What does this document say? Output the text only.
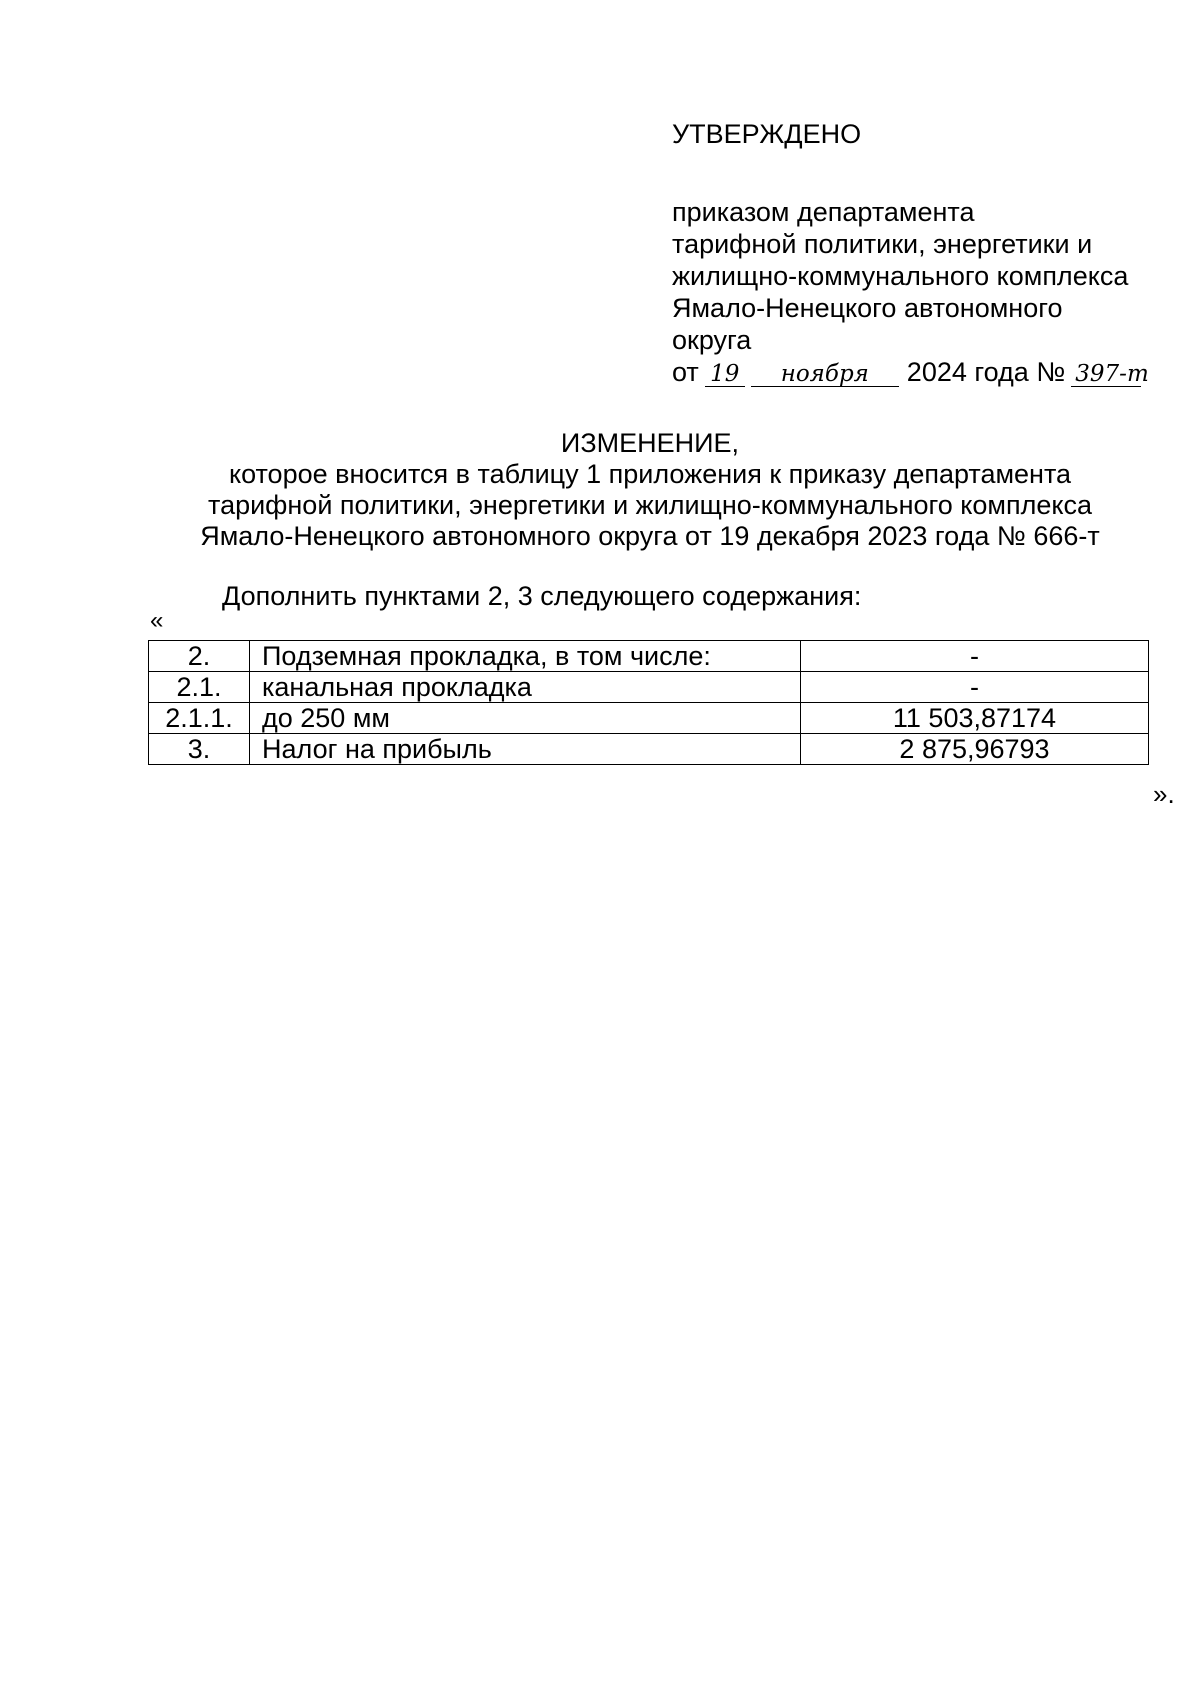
УТВЕРЖДЕНО
приказом департамента
тарифной политики, энергетики и
жилищно-коммунального комплекса
Ямало-Ненецкого автономного
округа
от 19 ноября 2024 года № 397-т
ИЗМЕНЕНИЕ,
которое вносится в таблицу 1 приложения к приказу департамента
тарифной политики, энергетики и жилищно-коммунального комплекса
Ямало-Ненецкого автономного округа от 19 декабря 2023 года № 666-т
Дополнить пунктами 2, 3 следующего содержания:
«
2.	Подземная прокладка, в том числе:	-
2.1.	канальная прокладка	-
2.1.1.	до 250 мм	11 503,87174
3.	Налог на прибыль	2 875,96793
».
